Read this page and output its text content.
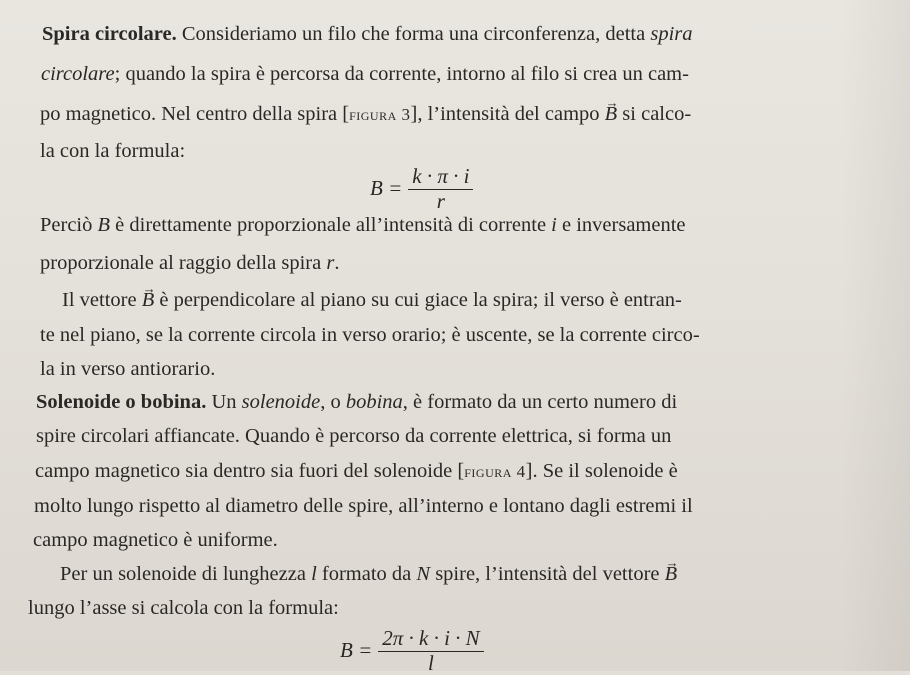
Spira circolare. Consideriamo un filo che forma una circonferenza, detta spira
circolare; quando la spira è percorsa da corrente, intorno al filo si crea un cam-
po magnetico. Nel centro della spira [figura 3], l’intensità del campo → B si calco-
la con la formula:
$B = \frac{k \cdot \pi \cdot i}{r}$
Perciò B è direttamente proporzionale all’intensità di corrente i e inversamente
proporzionale al raggio della spira r.
Il vettore → B è perpendicolare al piano su cui giace la spira; il verso è entran-
te nel piano, se la corrente circola in verso orario; è uscente, se la corrente circo-
la in verso antiorario.
Solenoide o bobina. Un solenoide, o bobina, è formato da un certo numero di
spire circolari affiancate. Quando è percorso da corrente elettrica, si forma un
campo magnetico sia dentro sia fuori del solenoide [figura 4]. Se il solenoide è
molto lungo rispetto al diametro delle spire, all’interno e lontano dagli estremi il
campo magnetico è uniforme.
Per un solenoide di lunghezza l formato da N spire, l’intensità del vettore → B
lungo l’asse si calcola con la formula:
$B = \frac{2\pi \cdot k \cdot i \cdot N}{l}$
